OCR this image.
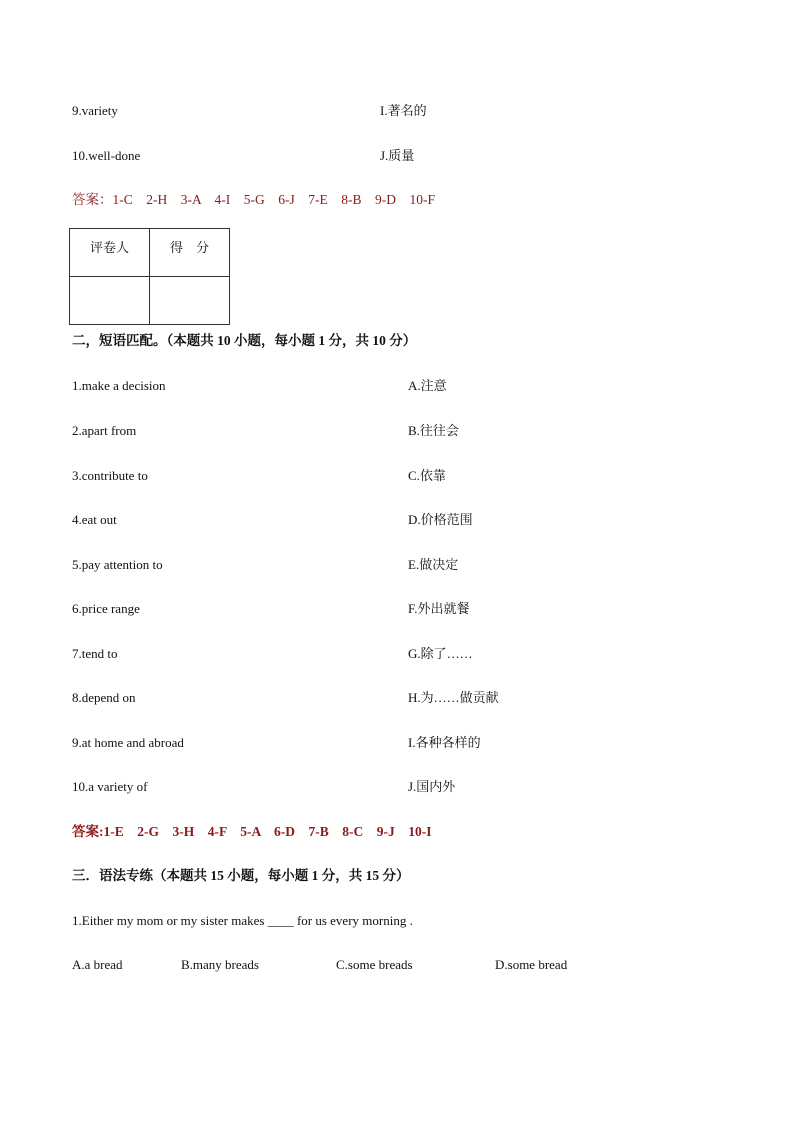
9.variety	I.著名的
10.well-done	J.质量
答案：1-C　2-H　3-A　4-I　5-G　6-J　7-E　8-B　9-D　10-F
评卷人	得　分

二，短语匹配。（本题共 10 小题，每小题 1 分，共 10 分）
1.make a decision	A.注意
2.apart from	B.往往会
3.contribute to	C.依靠
4.eat out	D.价格范围
5.pay attention to	E.做决定
6.price range	F.外出就餐
7.tend to	G.除了……
8.depend on	H.为……做贡献
9.at home and abroad	I.各种各样的
10.a variety of	J.国内外
答案:1-E　2-G　3-H　4-F　5-A　6-D　7-B　8-C　9-J　10-I
三．语法专练（本题共 15 小题，每小题 1 分，共 15 分）
1.Either my mom or my sister makes ____ for us every morning .
A.a bread	B.many breads	C.some breads	D.some bread
